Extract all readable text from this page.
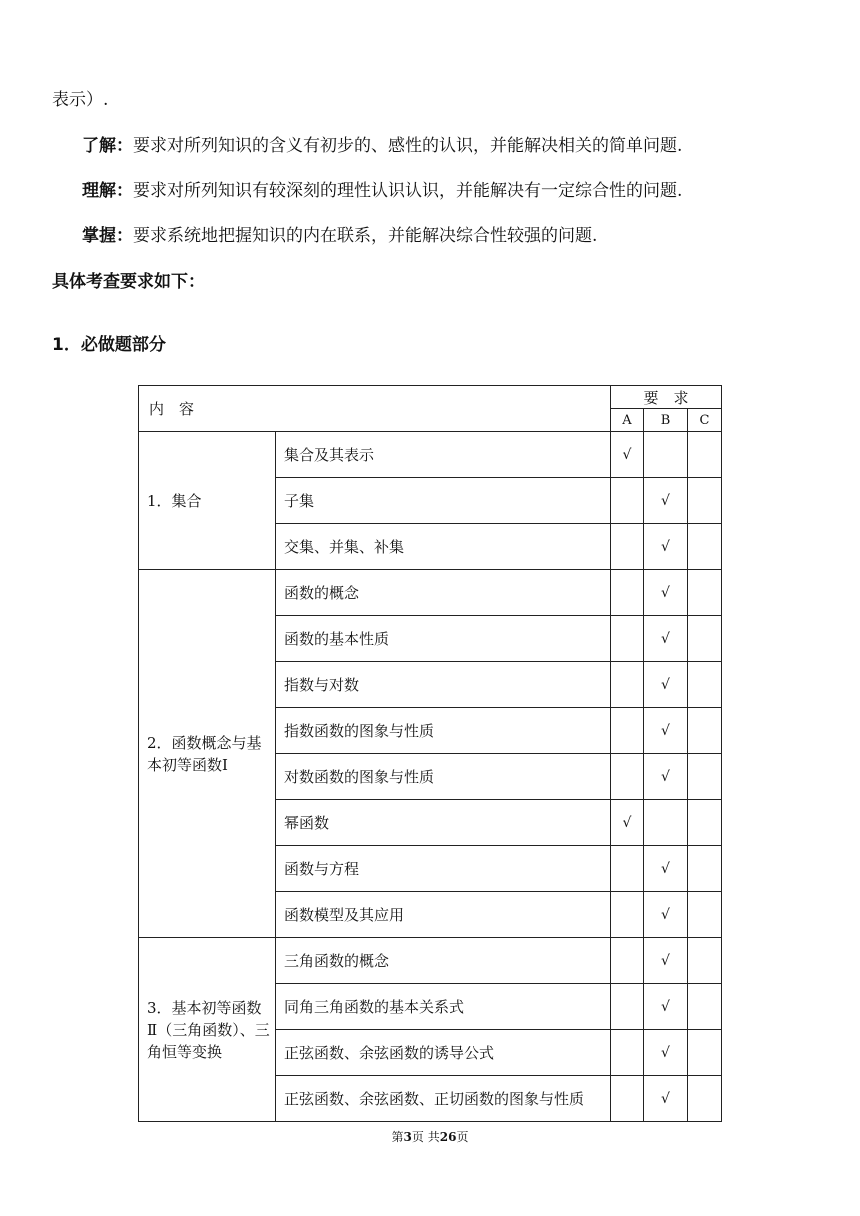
表示）.
了解：要求对所列知识的含义有初步的、感性的认识，并能解决相关的简单问题.
理解：要求对所列知识有较深刻的理性认识认识，并能解决有一定综合性的问题.
掌握：要求系统地把握知识的内在联系，并能解决综合性较强的问题.
具体考查要求如下：
1．必做题部分
内　容		要　求		
		A	B	C
1．集合	集合及其表示	√		
	子集		√	
	交集、并集、补集		√	
2．函数概念与基本初等函数Ⅰ	函数的概念		√	
	函数的基本性质		√	
	指数与对数		√	
	指数函数的图象与性质		√	
	对数函数的图象与性质		√	
	幂函数	√		
	函数与方程		√	
	函数模型及其应用		√	
3．基本初等函数Ⅱ（三角函数）、三角恒等变换	三角函数的概念		√	
	同角三角函数的基本关系式		√	
	正弦函数、余弦函数的诱导公式		√	
	正弦函数、余弦函数、正切函数的图象与性质		√	
第3页 共26页
